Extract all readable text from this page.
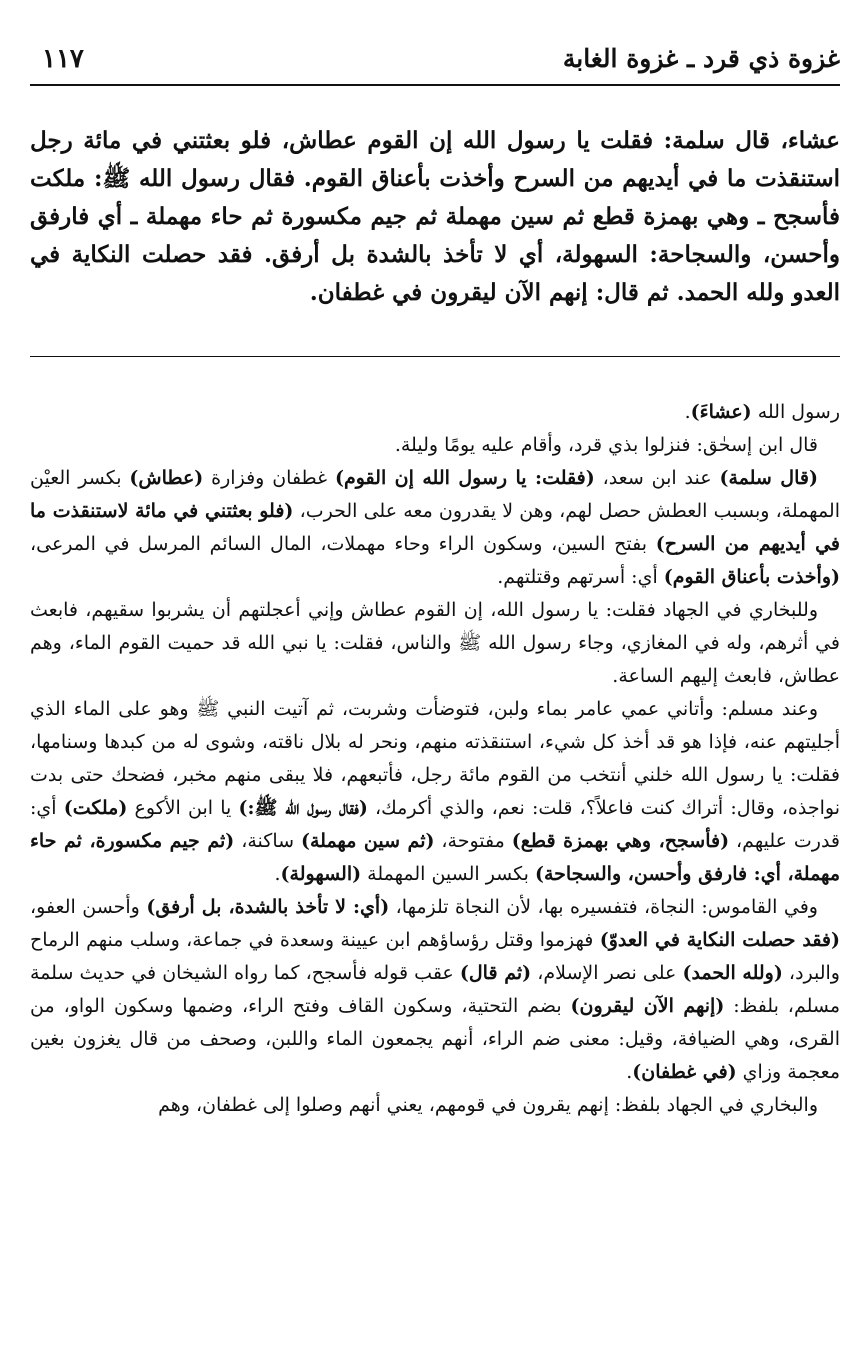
غزوة ذي قرد ـ غزوة الغابة
١١٧
عشاء، قال سلمة: فقلت يا رسول الله إن القوم عطاش، فلو بعثتني في مائة رجل استنقذت ما في أيديهم من السرح وأخذت بأعناق القوم. فقال رسول الله ﷺ: ملكت فأسجح ـ وهي بهمزة قطع ثم سين مهملة ثم جيم مكسورة ثم حاء مهملة ـ أي فارفق وأحسن، والسجاحة: السهولة، أي لا تأخذ بالشدة بل أرفق. فقد حصلت النكاية في العدو ولله الحمد. ثم قال: إنهم الآن ليقرون في غطفان.

رسول الله (عشاءَ).

قال ابن إسحٰق: فنزلوا بذي قرد، وأقام عليه يومًا وليلة.

(قال سلمة) عند ابن سعد، (فقلت: يا رسول الله إن القوم) غطفان وفزارة (عطاش) بكسر العيْن المهملة، وبسبب العطش حصل لهم، وهن لا يقدرون معه على الحرب، (فلو بعثتني في مائة لاستنقذت ما في أيديهم من السرح) بفتح السين، وسكون الراء وحاء مهملات، المال السائم المرسل في المرعى، (وأخذت بأعناق القوم) أي: أسرتهم وقتلتهم.

وللبخاري في الجهاد فقلت: يا رسول الله، إن القوم عطاش وإني أعجلتهم أن يشربوا سقيهم، فابعث في أثرهم، وله في المغازي، وجاء رسول الله ﷺ والناس، فقلت: يا نبي الله قد حميت القوم الماء، وهم عطاش، فابعث إليهم الساعة.

وعند مسلم: وأتاني عمي عامر بماء ولبن، فتوضأت وشربت، ثم آتيت النبي ﷺ وهو على الماء الذي أجليتهم عنه، فإذا هو قد أخذ كل شيء، استنقذته منهم، ونحر له بلال ناقته، وشوى له من كبدها وسنامها، فقلت: يا رسول الله خلني أنتخب من القوم مائة رجل، فأتبعهم، فلا يبقى منهم مخبر، فضحك حتى بدت نواجذه، وقال: أتراك كنت فاعلاً؟، قلت: نعم، والذي أكرمك، (فقال رسول الله ﷺ:) يا ابن الأكوع (ملكت) أي: قدرت عليهم، (فأسجح، وهي بهمزة قطع) مفتوحة، (ثم سين مهملة) ساكنة، (ثم جيم مكسورة، ثم حاء مهملة، أي: فارفق وأحسن، والسجاحة) بكسر السين المهملة (السهولة).

وفي القاموس: النجاة، فتفسيره بها، لأن النجاة تلزمها، (أي: لا تأخذ بالشدة، بل أرفق) وأحسن العفو، (فقد حصلت النكاية في العدوّ) فهزموا وقتل رؤساؤهم ابن عيينة وسعدة في جماعة، وسلب منهم الرماح والبرد، (ولله الحمد) على نصر الإسلام، (ثم قال) عقب قوله فأسجح، كما رواه الشيخان في حديث سلمة مسلم، بلفظ: (إنهم الآن ليقرون) بضم التحتية، وسكون القاف وفتح الراء، وضمها وسكون الواو، من القرى، وهي الضيافة، وقيل: معنى ضم الراء، أنهم يجمعون الماء واللبن، وصحف من قال يغزون بغين معجمة وزاي (في غطفان).

والبخاري في الجهاد بلفظ: إنهم يقرون في قومهم، يعني أنهم وصلوا إلى غطفان، وهم
